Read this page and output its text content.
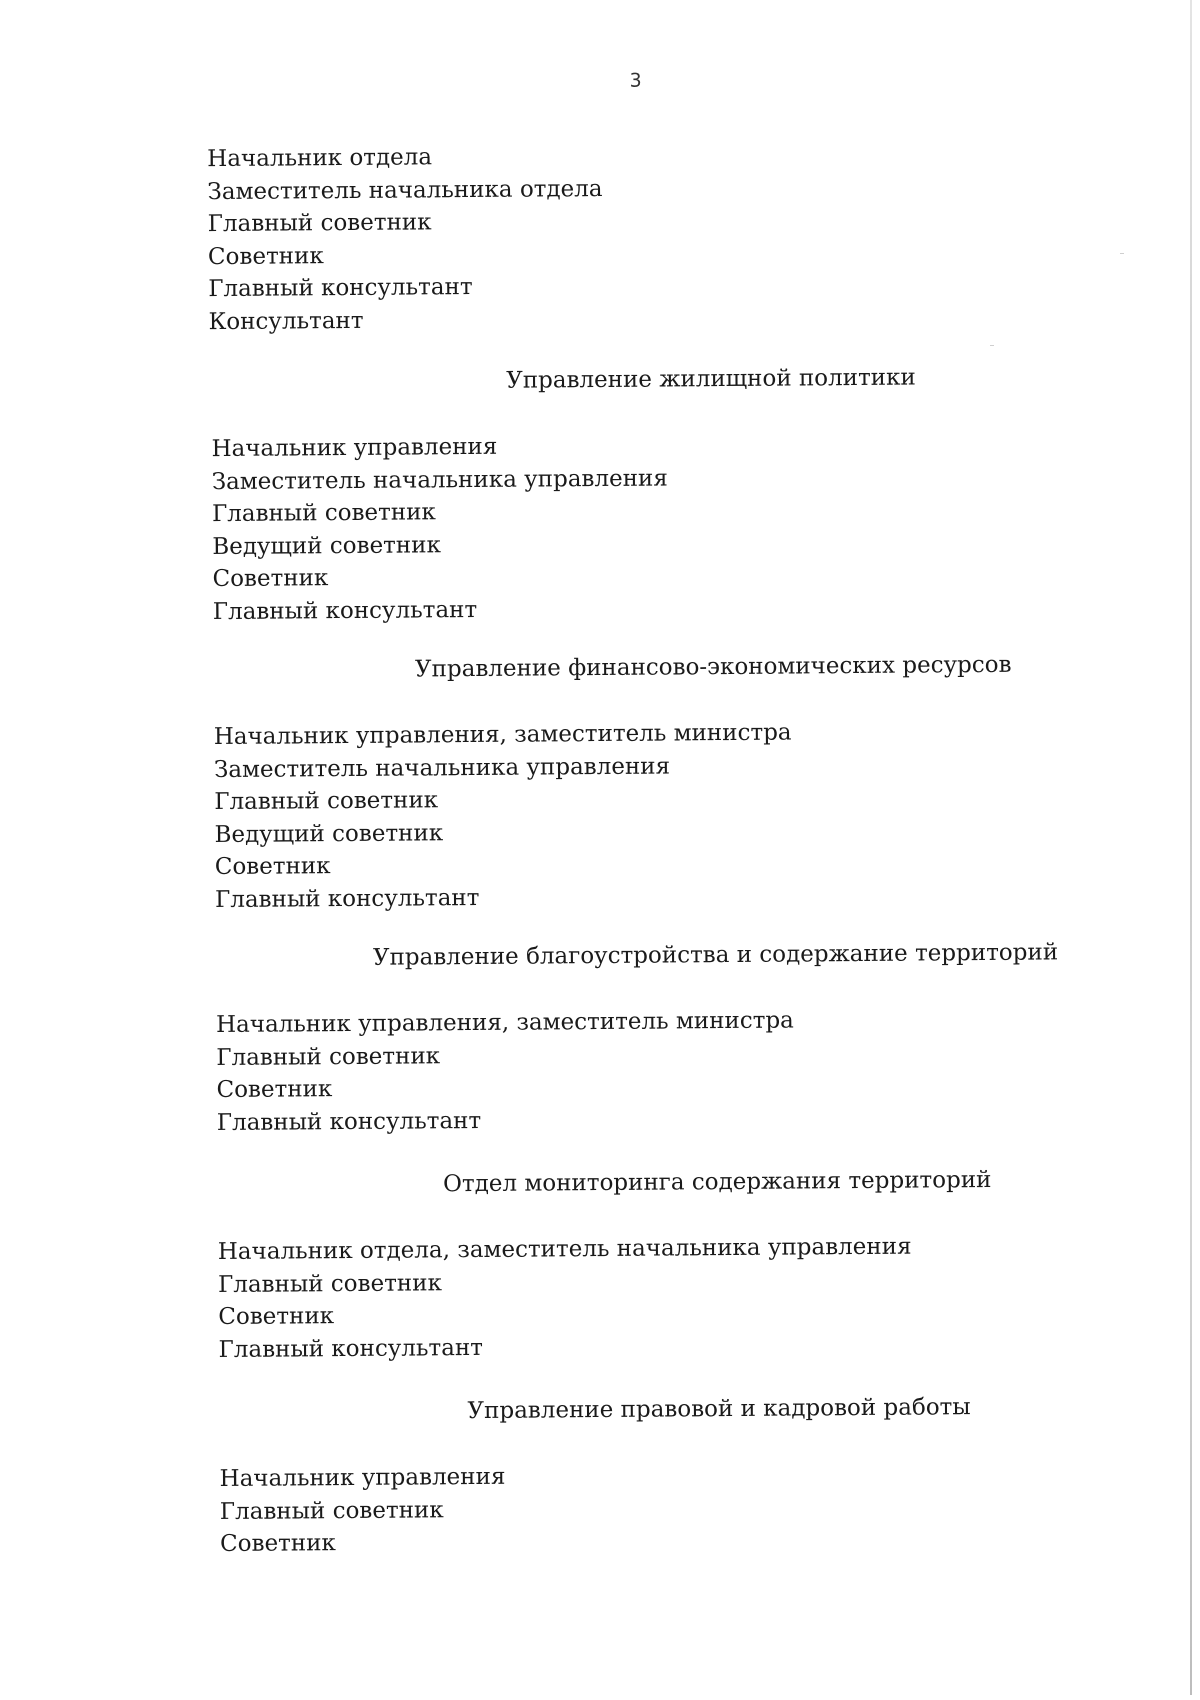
3
Начальник отдела
Заместитель начальника отдела
Главный советник
Советник
Главный консультант
Консультант
Управление жилищной политики
Начальник управления
Заместитель начальника управления
Главный советник
Ведущий советник
Советник
Главный консультант
Управление финансово-экономических ресурсов
Начальник управления, заместитель министра
Заместитель начальника управления
Главный советник
Ведущий советник
Советник
Главный консультант
Управление благоустройства и содержание территорий
Начальник управления, заместитель министра
Главный советник
Советник
Главный консультант
Отдел мониторинга содержания территорий
Начальник отдела, заместитель начальника управления
Главный советник
Советник
Главный консультант
Управление правовой и кадровой работы
Начальник управления
Главный советник
Советник
